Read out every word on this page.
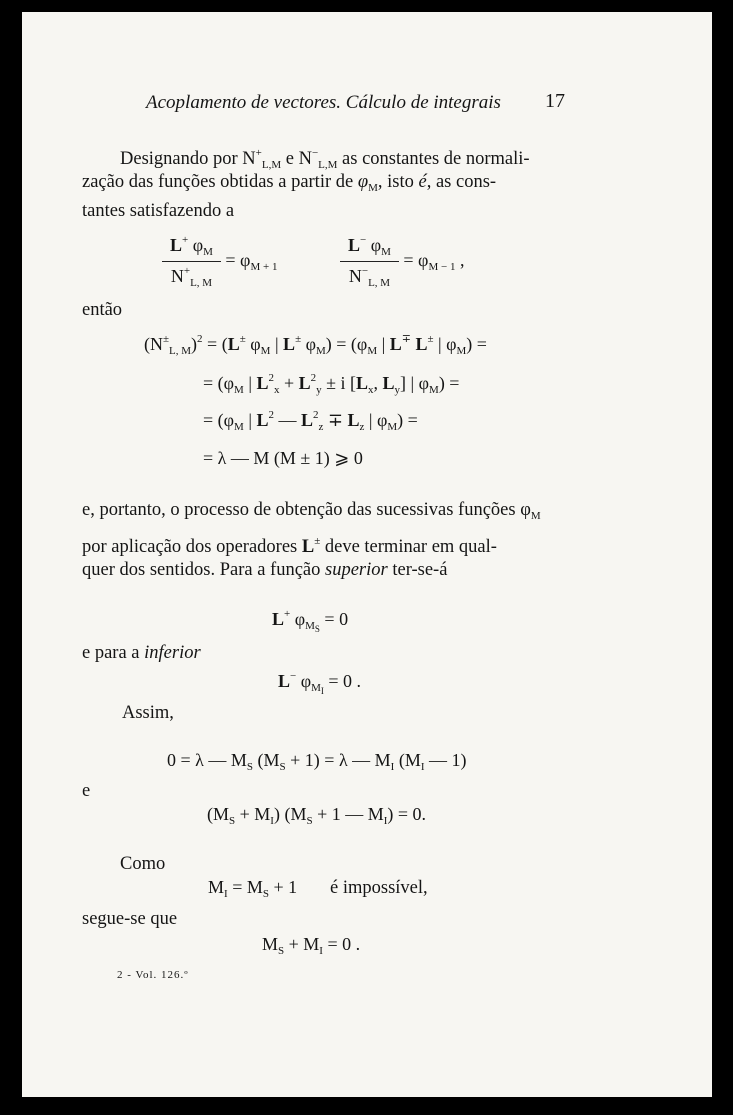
Acoplamento de vectores. Cálculo de integrais 17
Designando por $N^+_{L,M}$ e $N^-_{L,M}$ as constantes de normali-
zação das funções obtidas a partir de $\varphi_M$, isto é, as cons-
tantes satisfazendo a
$\frac{L^+ \varphi_M}{N^+_{L, M}} = \varphi_{M + 1}$	$\frac{L^- \varphi_M}{N^-_{L, M}} = \varphi_{M - 1}$ ,
então
$(N^\pm_{L, M})^2 = (L^\pm$ $\varphi_M$ | L± $\varphi_M) = (\varphi_M$ | L∓ L± | $\varphi_M$) =
= ($\varphi_M$ | $L^2_x + L^2_y \pm i$ [$L_x$, $L_y$] | $\varphi_M$) =
= ($\varphi_M$ | $L^2$ — $L^2_z \mp L_z$ | $\varphi_M$) =
= λ — M (M ± 1) ⩾ 0
e, portanto, o processo de obtenção das sucessivas funções $\varphi_M$
por aplicação dos operadores L± deve terminar em qual-
quer dos sentidos. Para a função superior ter-se-á
L+ $\varphi_{M_S} = 0$
e para a inferior
L− $\varphi_{M_I} = 0$ .
Assim,
0 = λ — $M_S$ $(M_S + 1) = \lambda$ — $M_I$ ($M_I$ — 1)
e
$(M_S + M_I) (M_S + 1$ — $M_I) = 0$.
Como
$M_I = M_S + 1$ é impossível,
segue-se que
$M_S + M_I = 0$ .
2 - Vol. 126.º
